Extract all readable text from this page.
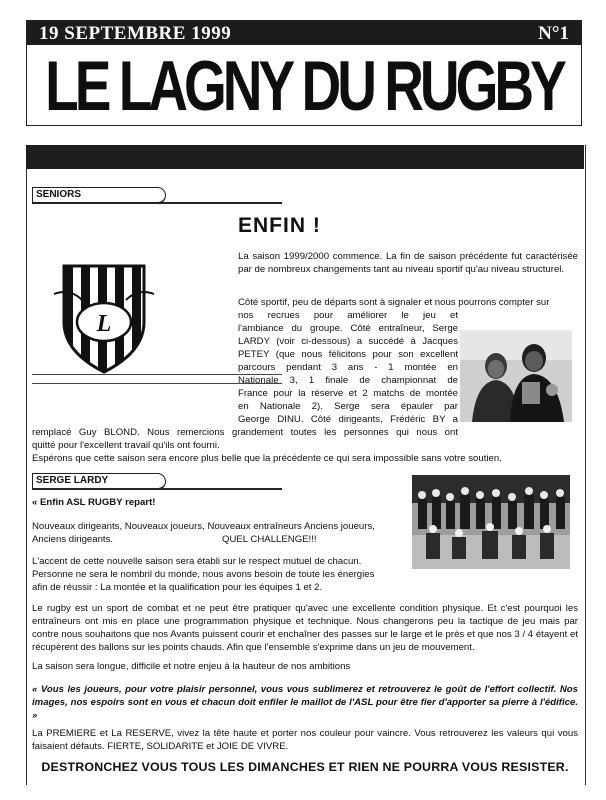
19 SEPTEMBRE 1999	N°1
LE LAGNY DU RUGBY
SENIORS
ENFIN !

La saison 1999/2000 commence. La fin de saison précédente fut caractérisée par de nombreux changements tant au niveau sportif qu'au niveau structurel.

L

Côté sportif, peu de départs sont à signaler et nous pourrons compter sur

nos recrues pour améliorer le jeu et

l'ambiance du groupe. Côté entraîneur, Serge

LARDY (voir ci-dessous) a succédé à Jacques

PETEY (que nous félicitons pour son excellent

parcours pendant 3 ans - 1 montée en

Nationale 3, 1 finale de championnat de

France pour la réserve et 2 matchs de montée

en Nationale 2). Serge sera épauler par

George DINU. Côté dirigeants, Frédéric BY a

remplacé Guy BLOND. Nous remercions grandement toutes les personnes qui nous ont

quitté pour l'excellent travail qu'ils ont fourni.

Espérons que cette saison sera encore plus belle que la précédente ce qui sera impossible sans votre soutien.

SERGE LARDY
« Enfin ASL RUGBY repart!

Nouveaux dirigeants, Nouveaux joueurs, Nouveaux entraîneurs Anciens joueurs,

Anciens dirigeants.	QUEL CHALLENGE!!!

L'accent de cette nouvelle saison sera établi sur le respect mutuel de chacun.

Personne ne sera le nombril du monde, nous avons besoin de toute les énergies

afin de réussir : La montée et la qualification pour les équipes 1 et 2.

Le rugby est un sport de combat et ne peut être pratiquer qu'avec une excellente condition physique. Et c'est pourquoi les entraîneurs ont mis en place une programmation physique et technique. Nous changerons peu la tactique de jeu mais par contre nous souhaitons que nos Avants puissent courir et enchaîner des passes sur le large et le près et que nos 3 / 4 étayent et récupèrent des ballons sur les points chauds. Afin que l'ensemble s'exprime dans un jeu de mouvement.

La saison sera longue, difficile et notre enjeu à la hauteur de nos ambitions

« Vous les joueurs, pour votre plaisir personnel, vous vous sublimerez et retrouverez le goût de l'effort collectif. Nos images, nos espoirs sont en vous et chacun doit enfiler le maillot de l'ASL pour être fier d'apporter sa pierre à l'édifice. »

La PREMIERE et La RESERVE, vivez la tête haute et porter nos couleur pour vaincre. Vous retrouverez les valeurs qui vous faisaient défauts. FIERTE, SOLIDARITE et JOIE DE VIVRE.

DESTRONCHEZ VOUS TOUS LES DIMANCHES ET RIEN NE POURRA VOUS RESISTER.
